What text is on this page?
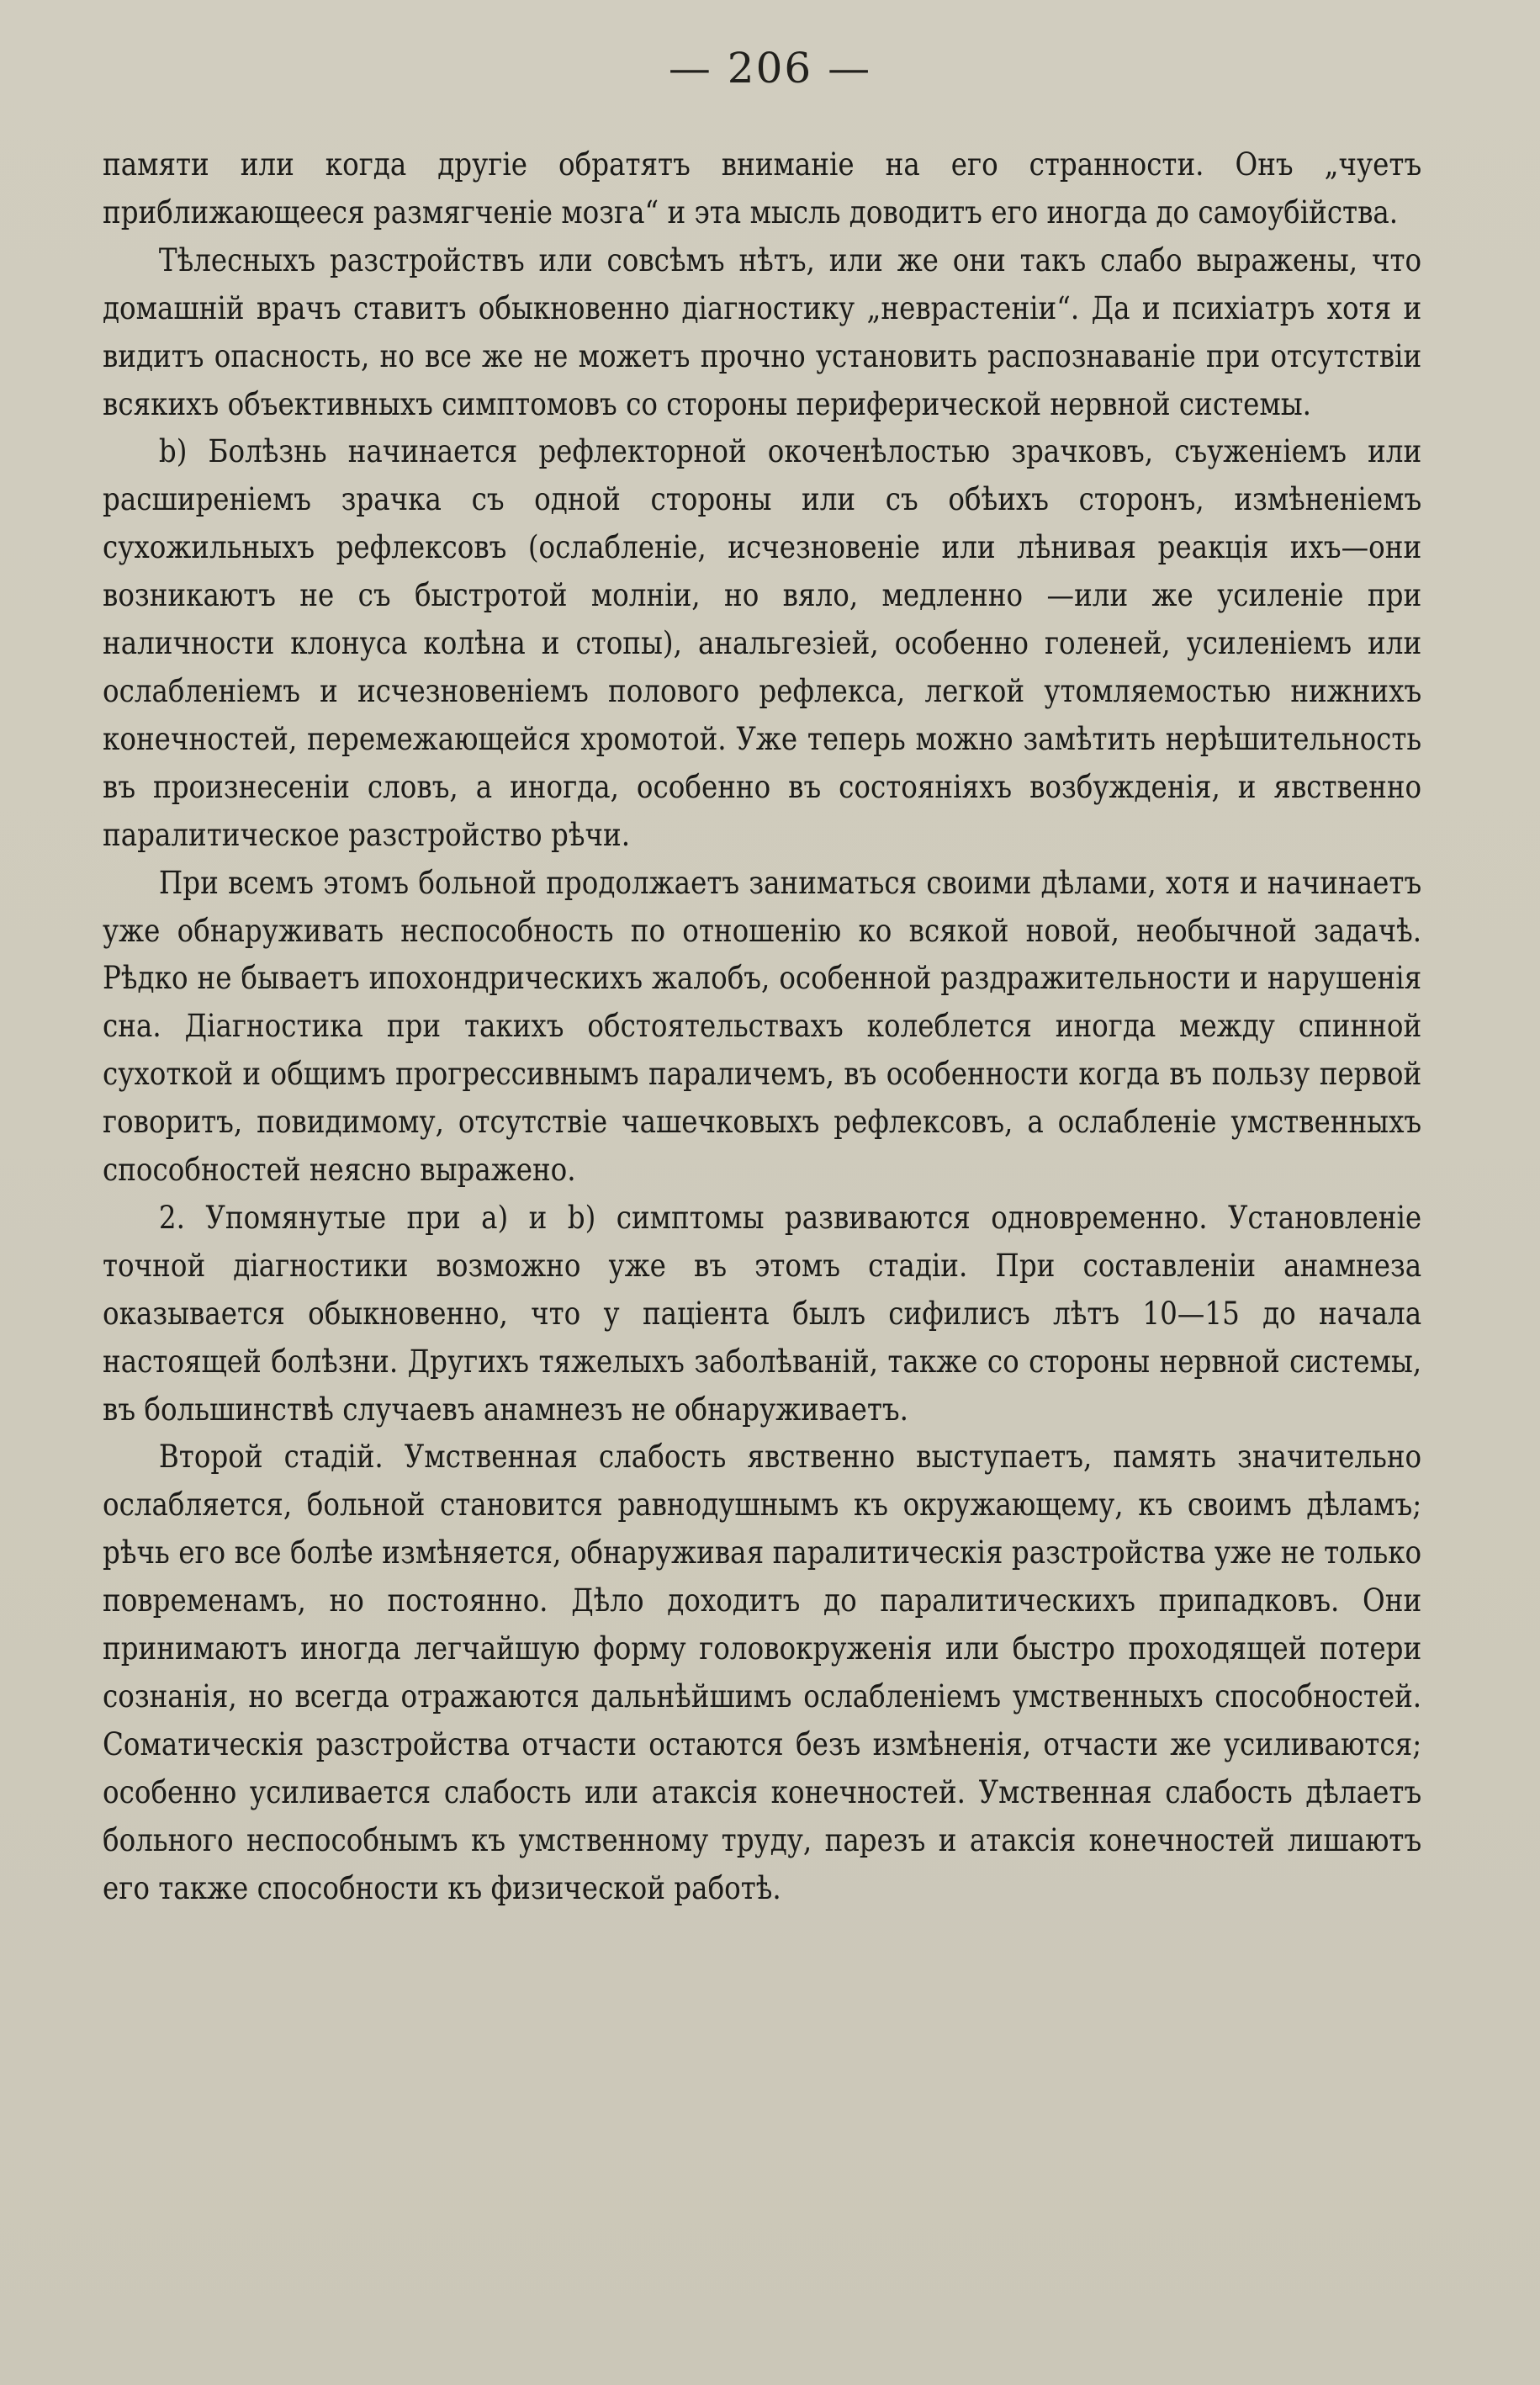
— 206 —

памяти или когда другіе обратятъ вниманіе на его странности. Онъ „чуетъ приближающееся размягченіе мозга“ и эта мысль доводитъ его иногда до самоубійства.

Тѣлесныхъ разстройствъ или совсѣмъ нѣтъ, или же они такъ слабо выражены, что домашній врачъ ставитъ обыкновенно діагностику „неврастеніи“. Да и психіатръ хотя и видитъ опасность, но все же не можетъ прочно установить распознаваніе при отсутствіи всякихъ объективныхъ симптомовъ со стороны периферической нервной системы.

b) Болѣзнь начинается рефлекторной окоченѣлостью зрачковъ, съуженіемъ или расширеніемъ зрачка съ одной стороны или съ обѣихъ сторонъ, измѣненіемъ сухожильныхъ рефлексовъ (ослабленіе, исчезновеніе или лѣнивая реакція ихъ—они возникаютъ не съ быстротой молніи, но вяло, медленно —или же усиленіе при наличности клонуса колѣна и стопы), анальгезіей, особенно голеней, усиленіемъ или ослабленіемъ и исчезновеніемъ полового рефлекса, легкой утомляемостью нижнихъ конечностей, перемежающейся хромотой. Уже теперь можно замѣтить нерѣшительность въ произнесеніи словъ, а иногда, особенно въ состояніяхъ возбужденія, и явственно паралитическое разстройство рѣчи.

При всемъ этомъ больной продолжаетъ заниматься своими дѣлами, хотя и начинаетъ уже обнаруживать неспособность по отношенію ко всякой новой, необычной задачѣ. Рѣдко не бываетъ ипохондрическихъ жалобъ, особенной раздражительности и нарушенія сна. Діагностика при такихъ обстоятельствахъ колеблется иногда между спинной сухоткой и общимъ прогрессивнымъ параличемъ, въ особенности когда въ пользу первой говоритъ, повидимому, отсутствіе чашечковыхъ рефлексовъ, а ослабленіе умственныхъ способностей неясно выражено.

2. Упомянутые при а) и b) симптомы развиваются одновременно. Установленіе точной діагностики возможно уже въ этомъ стадіи. При составленіи анамнеза оказывается обыкновенно, что у паціента былъ сифилисъ лѣтъ 10—15 до начала настоящей болѣзни. Другихъ тяжелыхъ заболѣваній, также со стороны нервной системы, въ большинствѣ случаевъ анамнезъ не обнаруживаетъ.

Второй стадій. Умственная слабость явственно выступаетъ, память значительно ослабляется, больной становится равнодушнымъ къ окружающему, къ своимъ дѣламъ; рѣчь его все болѣе измѣняется, обнаруживая паралитическія разстройства уже не только повременамъ, но постоянно. Дѣло доходитъ до паралитическихъ припадковъ. Они принимаютъ иногда легчайшую форму головокруженія или быстро проходящей потери сознанія, но всегда отражаются дальнѣйшимъ ослабленіемъ умственныхъ способностей. Соматическія разстройства отчасти остаются безъ измѣненія, отчасти же усиливаются; особенно усиливается слабость или атаксія конечностей. Умственная слабость дѣлаетъ больного неспособнымъ къ умственному труду, парезъ и атаксія конечностей лишаютъ его также способности къ физической работѣ.
